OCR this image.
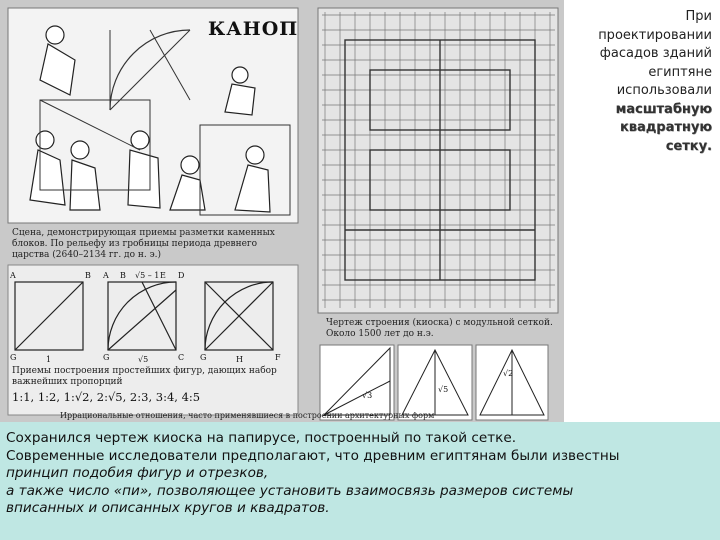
A	B
G	1
A B √5 – 1 E D
G	√5	C G	H	F
√3
√5
√2
КАНОП
Сцена, демонстрирующая приемы разметки каменных блоков. По рельефу из гробницы периода древнего царства (2640–2134 гг. до н. э.)
Приемы построения простейших фигур, дающих набор важнейших пропорций
1:1, 1:2, 1:√2, 2:√5, 2:3, 3:4, 4:5
Чертеж строения (киоска) с модульной сеткой. Около 1500 лет до н.э.
Иррациональные отношения, часто применявшиеся в построении архитектурных форм
При
проектировании
фасадов зданий
египтяне
использовали
масштабную
квадратную
сетку.
Сохранился чертеж киоска на папирусе, построенный по такой сетке.
Современные исследователи предполагают, что древним египтянам были известны
принцип подобия фигур и отрезков,
а также число «пи», позволяющее установить взаимосвязь размеров системы
вписанных и описанных кругов и квадратов.
